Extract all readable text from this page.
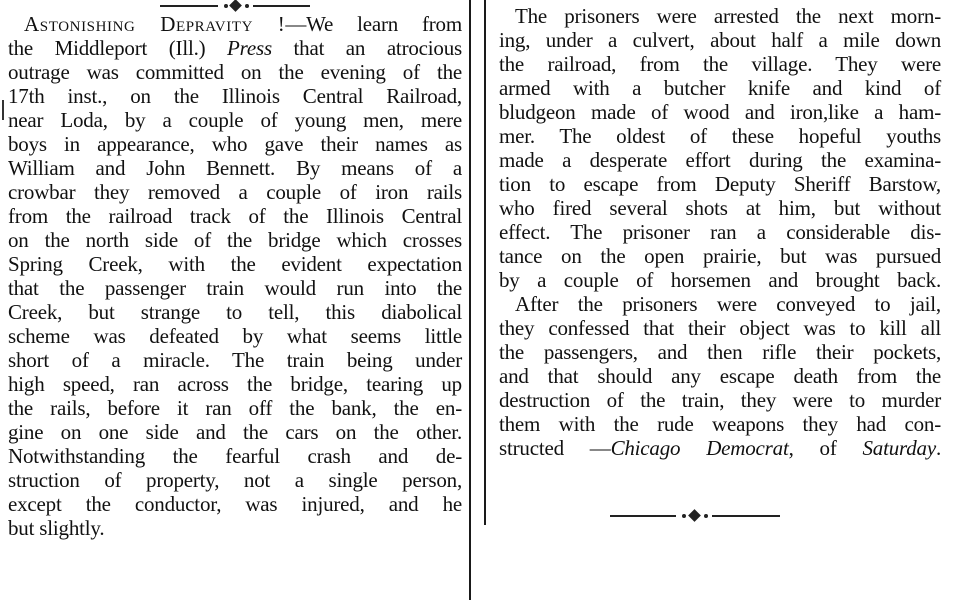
Astonishing Depravity !—We learn from
the Middleport (Ill.) Press that an atrocious
outrage was committed on the evening of the
17th inst., on the Illinois Central Railroad,
near Loda, by a couple of young men, mere
boys in appearance, who gave their names as
William and John Bennett. By means of a
crowbar they removed a couple of iron rails
from the railroad track of the Illinois Central
on the north side of the bridge which crosses
Spring Creek, with the evident expectation
that the passenger train would run into the
Creek, but strange to tell, this diabolical
scheme was defeated by what seems little
short of a miracle. The train being under
high speed, ran across the bridge, tearing up
the rails, before it ran off the bank, the en-
gine on one side and the cars on the other.
Notwithstanding the fearful crash and de-
struction of property, not a single person,
except the conductor, was injured, and he
but slightly.
The prisoners were arrested the next morn-
ing, under a culvert, about half a mile down
the railroad, from the village. They were
armed with a butcher knife and kind of
bludgeon made of wood and iron,like a ham-
mer. The oldest of these hopeful youths
made a desperate effort during the examina-
tion to escape from Deputy Sheriff Barstow,
who fired several shots at him, but without
effect. The prisoner ran a considerable dis-
tance on the open prairie, but was pursued
by a couple of horsemen and brought back.
After the prisoners were conveyed to jail,
they confessed that their object was to kill all
the passengers, and then rifle their pockets,
and that should any escape death from the
destruction of the train, they were to murder
them with the rude weapons they had con-
structed —Chicago Democrat, of Saturday.
